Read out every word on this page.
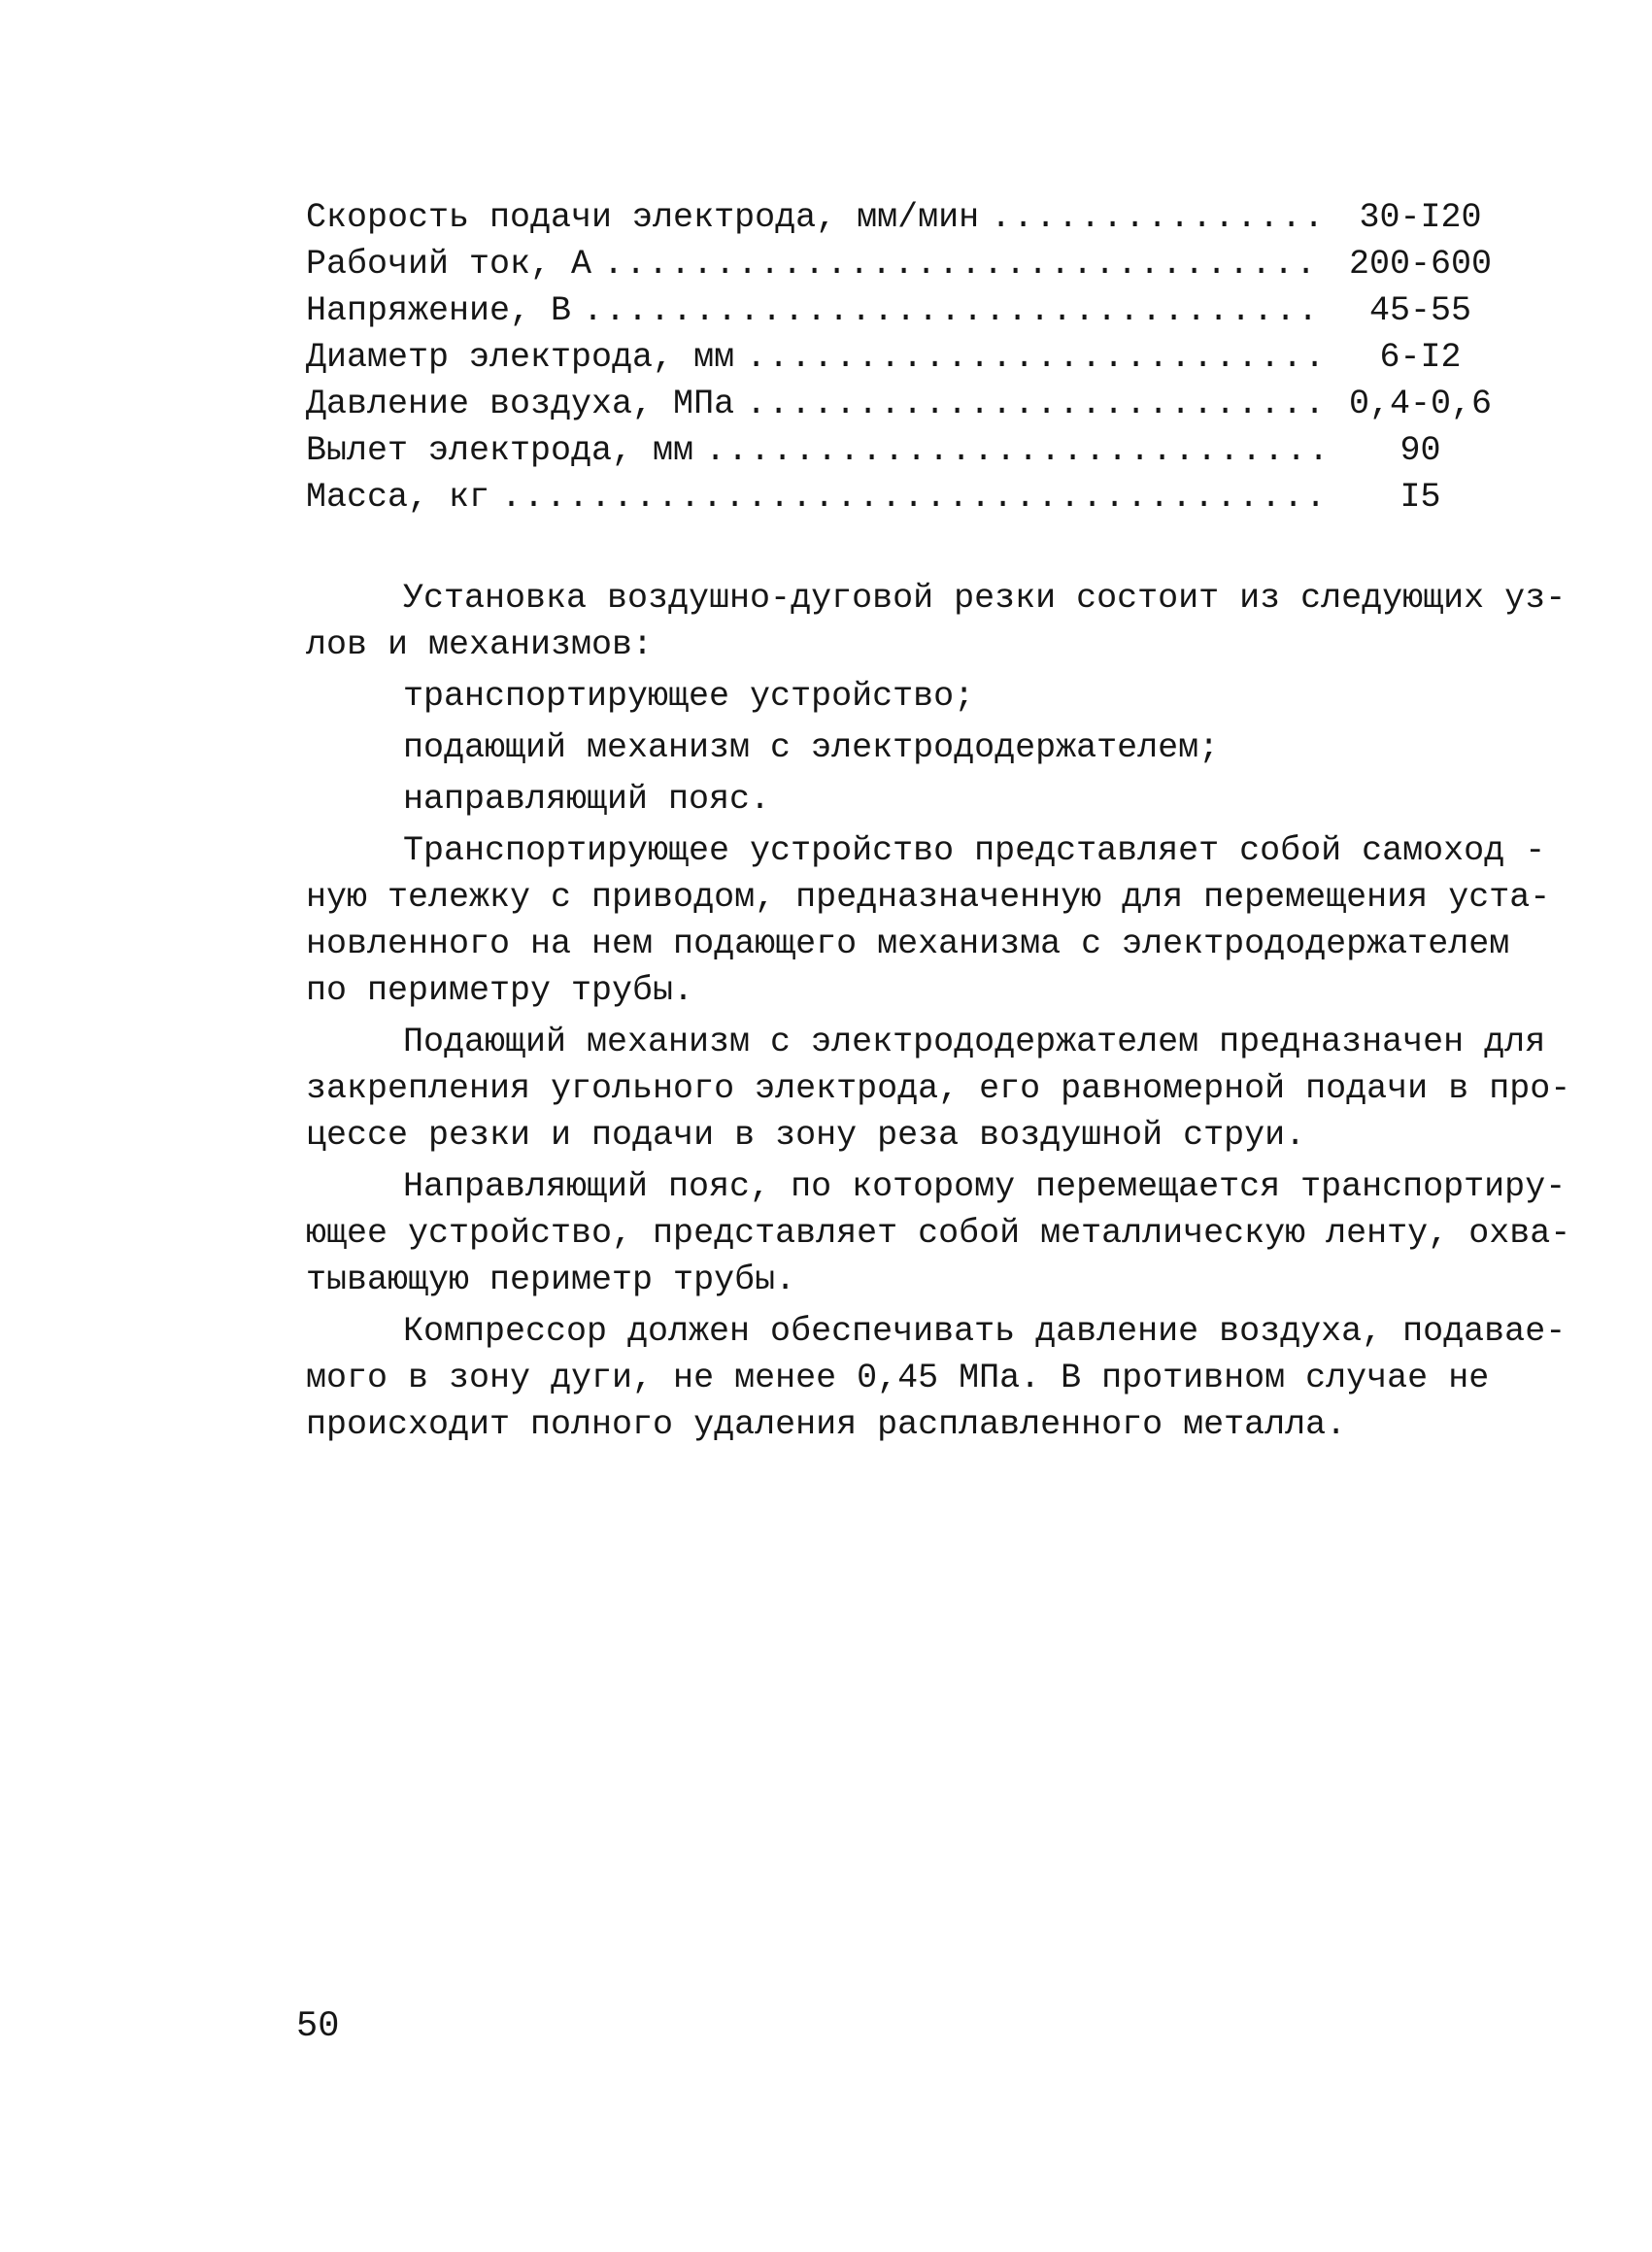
Скорость подачи электрода, мм/мин .....	30-I20
Рабочий ток, А .....	200-600
Напряжение, В .....	45-55
Диаметр электрода, мм .....	6-I2
Давление воздуха, МПа .....	0,4-0,6
Вылет электрода, мм .....	90
Масса, кг .....	I5
Установка воздушно-дуговой резки состоит из следующих уз-
лов и механизмов:
транспортирующее устройство;
подающий механизм с электрододержателем;
направляющий пояс.
Транспортирующее устройство представляет собой самоход -
ную тележку с приводом, предназначенную для перемещения уста-
новленного на нем подающего механизма с электрододержателем
по периметру трубы.
Подающий механизм с электрододержателем предназначен для
закрепления угольного электрода, его равномерной подачи в про-
цессе резки и подачи в зону реза воздушной струи.
Направляющий пояс, по которому перемещается транспортиру-
ющее устройство, представляет собой металлическую ленту, охва-
тывающую периметр трубы.
Компрессор должен обеспечивать давление воздуха, подавае-
мого в зону дуги, не менее 0,45 МПа. В противном случае не
происходит полного удаления расплавленного металла.
50
